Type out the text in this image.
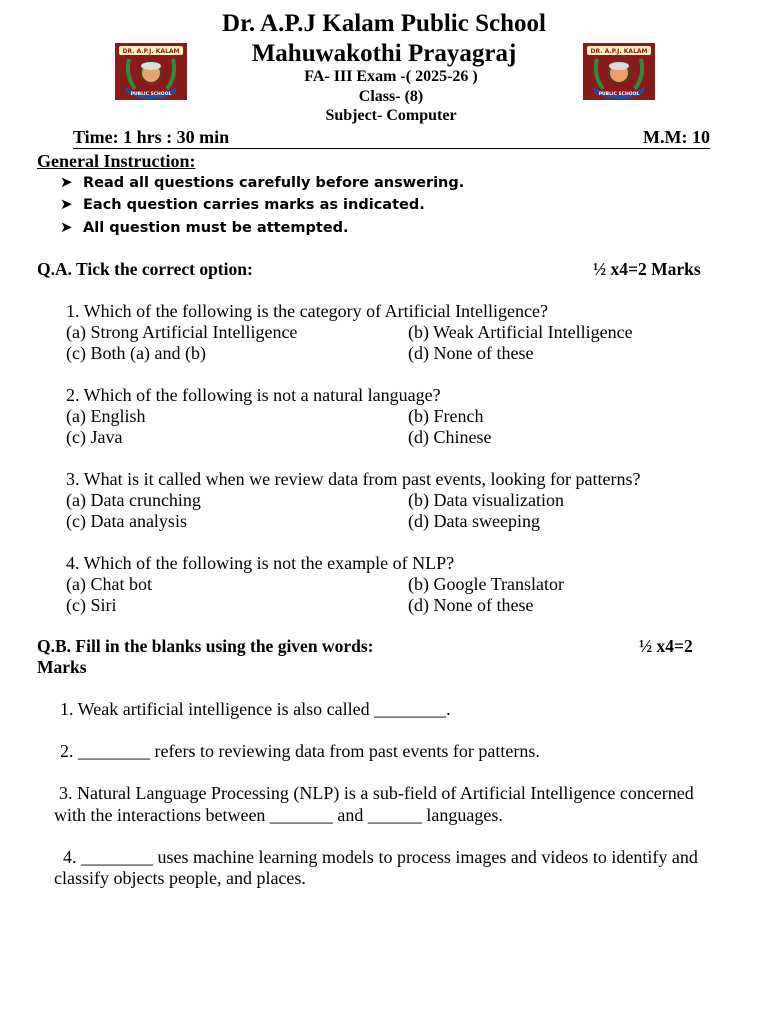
Dr. A.P.J Kalam Public School
Mahuwakothi Prayagraj
FA- III Exam -( 2025-26 )
Class- (8)
Subject- Computer
DR. A.P.J. KALAM
PUBLIC SCHOOL
DR. A.P.J. KALAM
PUBLIC SCHOOL
Time: 1 hrs : 30 min	M.M: 10
General Instruction:
➤ Read all questions carefully before answering.
➤ Each question carries marks as indicated.
➤ All question must be attempted.
Q.A. Tick the correct option:	½ x4=2 Marks
1. Which of the following is the category of Artificial Intelligence?
(a) Strong Artificial Intelligence	(b) Weak Artificial Intelligence
(c) Both (a) and (b)	(d) None of these
2. Which of the following is not a natural language?
(a) English	(b) French
(c) Java	(d) Chinese
3. What is it called when we review data from past events, looking for patterns?
(a) Data crunching	(b) Data visualization
(c) Data analysis	(d) Data sweeping
4. Which of the following is not the example of NLP?
(a) Chat bot	(b) Google Translator
(c) Siri	(d) None of these
Q.B. Fill in the blanks using the given words:	½ x4=2
Marks
1. Weak artificial intelligence is also called ________.
2. ________ refers to reviewing data from past events for patterns.
3. Natural Language Processing (NLP) is a sub-field of Artificial Intelligence concerned
with the interactions between _______ and ______ languages.
4. ________ uses machine learning models to process images and videos to identify and
classify objects people, and places.
